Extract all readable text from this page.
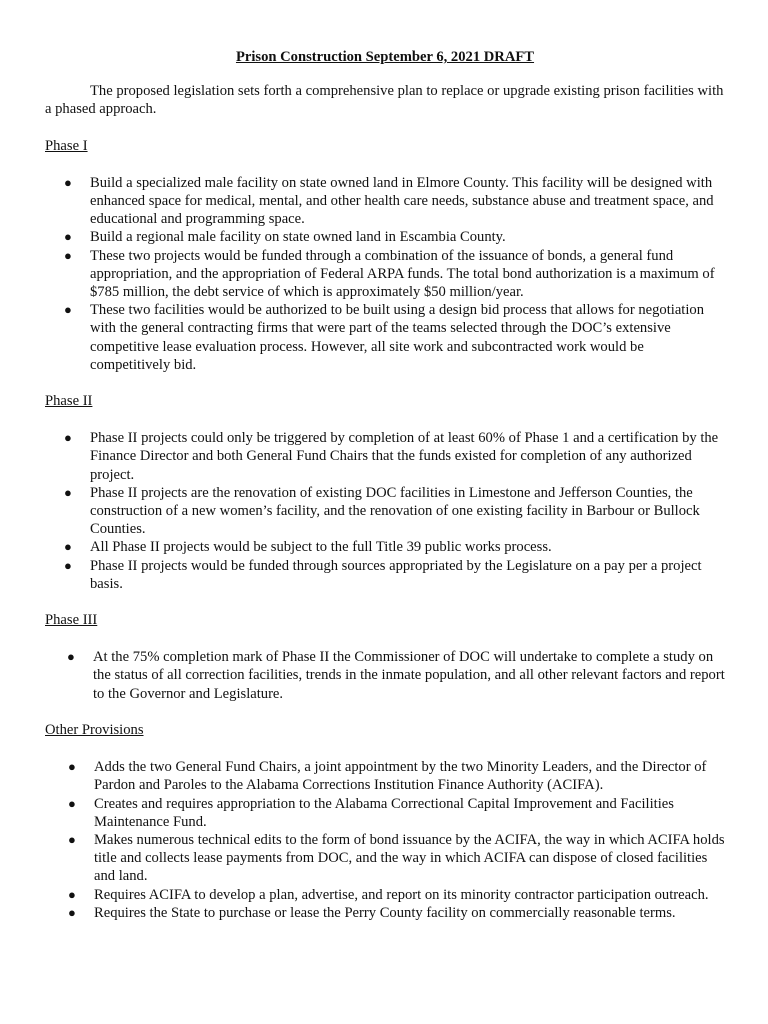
Prison Construction September 6, 2021 DRAFT

The proposed legislation sets forth a comprehensive plan to replace or upgrade existing prison facilities with a phased approach.

Phase I

● Build a specialized male facility on state owned land in Elmore County. This facility will be designed with enhanced space for medical, mental, and other health care needs, substance abuse and treatment space, and educational and programming space.
● Build a regional male facility on state owned land in Escambia County.
● These two projects would be funded through a combination of the issuance of bonds, a general fund appropriation, and the appropriation of Federal ARPA funds. The total bond authorization is a maximum of $785 million, the debt service of which is approximately $50 million/year.
● These two facilities would be authorized to be built using a design bid process that allows for negotiation with the general contracting firms that were part of the teams selected through the DOC’s extensive competitive lease evaluation process. However, all site work and subcontracted work would be competitively bid.

Phase II

● Phase II projects could only be triggered by completion of at least 60% of Phase 1 and a certification by the Finance Director and both General Fund Chairs that the funds existed for completion of any authorized project.
● Phase II projects are the renovation of existing DOC facilities in Limestone and Jefferson Counties, the construction of a new women’s facility, and the renovation of one existing facility in Barbour or Bullock Counties.
● All Phase II projects would be subject to the full Title 39 public works process.
● Phase II projects would be funded through sources appropriated by the Legislature on a pay per a project basis.

Phase III

● At the 75% completion mark of Phase II the Commissioner of DOC will undertake to complete a study on the status of all correction facilities, trends in the inmate population, and all other relevant factors and report to the Governor and Legislature.

Other Provisions

● Adds the two General Fund Chairs, a joint appointment by the two Minority Leaders, and the Director of Pardon and Paroles to the Alabama Corrections Institution Finance Authority (ACIFA).
● Creates and requires appropriation to the Alabama Correctional Capital Improvement and Facilities Maintenance Fund.
● Makes numerous technical edits to the form of bond issuance by the ACIFA, the way in which ACIFA holds title and collects lease payments from DOC, and the way in which ACIFA can dispose of closed facilities and land.
● Requires ACIFA to develop a plan, advertise, and report on its minority contractor participation outreach.
● Requires the State to purchase or lease the Perry County facility on commercially reasonable terms.
